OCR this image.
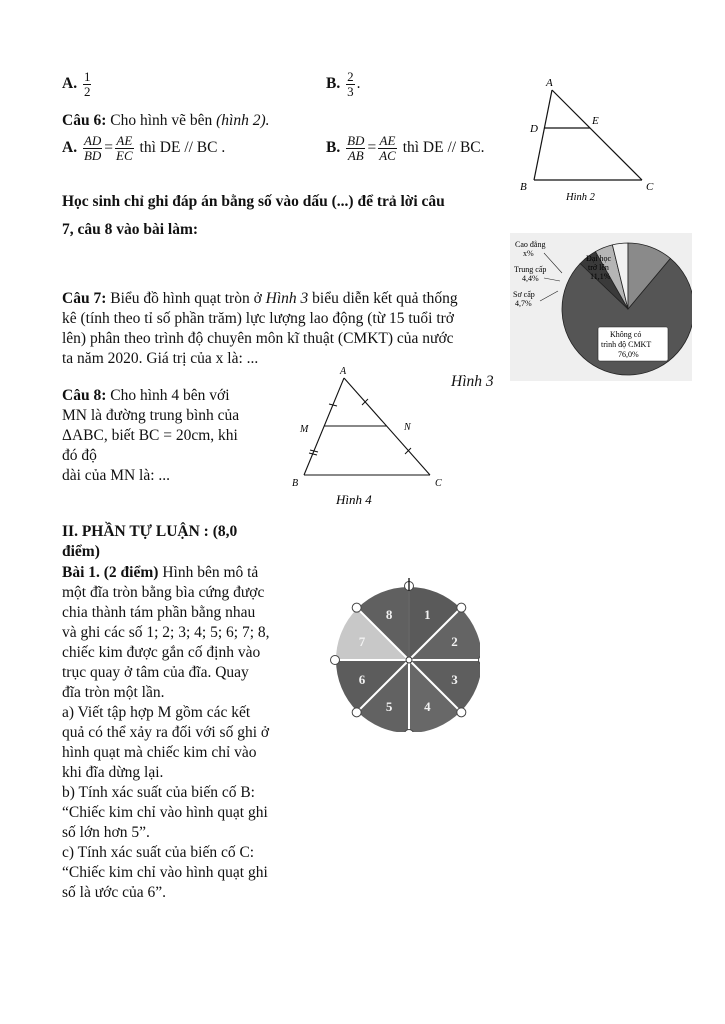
A. $\frac{1}{2}$	B. $\frac{2}{3}$ .
Câu 6: Cho hình vẽ bên (hình 2).
A. $\frac{AD}{BD} = \frac{AE}{EC}$ thì DE // BC .	B. $\frac{BD}{AB} = \frac{AE}{AC}$ thì DE // BC.
A
D
E
B	C
Hình 2
Học sinh chỉ ghi đáp án bằng số vào dấu (...) để trả lời câu
7, câu 8 vào bài làm:
Câu 7: Biểu đồ hình quạt tròn ở Hình 3 biểu diễn kết quả thống
kê (tính theo tỉ số phần trăm) lực lượng lao động (từ 15 tuổi trở
lên) phân theo trình độ chuyên môn kĩ thuật (CMKT) của nước
ta năm 2020. Giá trị của x là: ...
Cao đẳng
x%
Trung cấp
4,4%
Sơ cấp
4,7%
Đại học
trở lên
11,1%
Không có
trình độ CMKT
76,0%
Hình 3
Câu 8: Cho hình 4 bên với
MN là đường trung bình của
ΔABC, biết BC = 20cm, khi
đó độ
dài của MN là: ...
A
M	N
B	C
Hình 4
II. PHẦN TỰ LUẬN : (8,0
điểm)
Bài 1. (2 điểm) Hình bên mô tả
một đĩa tròn bằng bìa cứng được
chia thành tám phần bằng nhau
và ghi các số 1; 2; 3; 4; 5; 6; 7; 8,
chiếc kim được gắn cố định vào
trục quay ở tâm của đĩa. Quay
đĩa tròn một lần.
a) Viết tập hợp M gồm các kết
quả có thể xảy ra đối với số ghi ở
hình quạt mà chiếc kim chỉ vào
khi đĩa dừng lại.
b) Tính xác suất của biến cố B:
“Chiếc kim chỉ vào hình quạt ghi
số lớn hơn 5”.
c) Tính xác suất của biến cố C:
“Chiếc kim chỉ vào hình quạt ghi
số là ước của 6”.
1
2
3
4
5
6
7
8
